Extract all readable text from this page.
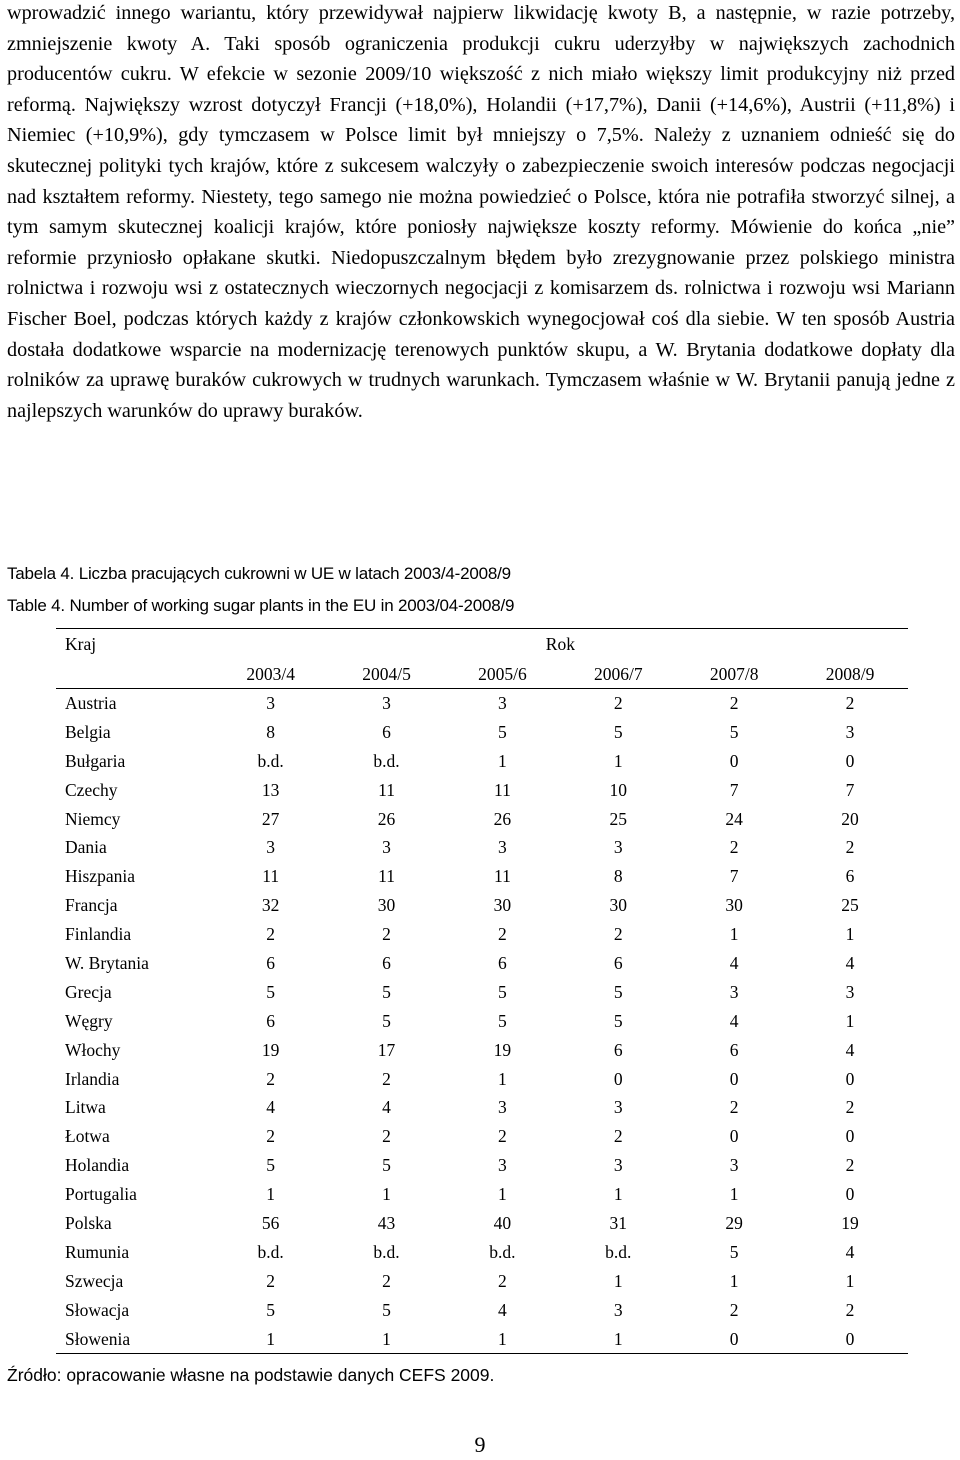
wprowadzić innego wariantu, który przewidywał najpierw likwidację kwoty B, a następnie, w razie potrzeby, zmniejszenie kwoty A. Taki sposób ograniczenia produkcji cukru uderzyłby w największych zachodnich producentów cukru. W efekcie w sezonie 2009/10 większość z nich miało większy limit produkcyjny niż przed reformą. Największy wzrost dotyczył Francji (+18,0%), Holandii (+17,7%), Danii (+14,6%), Austrii (+11,8%) i Niemiec (+10,9%), gdy tymczasem w Polsce limit był mniejszy o 7,5%. Należy z uznaniem odnieść się do skutecznej polityki tych krajów, które z sukcesem walczyły o zabezpieczenie swoich interesów podczas negocjacji nad kształtem reformy. Niestety, tego samego nie można powiedzieć o Polsce, która nie potrafiła stworzyć silnej, a tym samym skutecznej koalicji krajów, które poniosły największe koszty reformy. Mówienie do końca „nie” reformie przyniosło opłakane skutki. Niedopuszczalnym błędem było zrezygnowanie przez polskiego ministra rolnictwa i rozwoju wsi z ostatecznych wieczornych negocjacji z komisarzem ds. rolnictwa i rozwoju wsi Mariann Fischer Boel, podczas których każdy z krajów członkowskich wynegocjował coś dla siebie. W ten sposób Austria dostała dodatkowe wsparcie na modernizację terenowych punktów skupu, a W. Brytania dodatkowe dopłaty dla rolników za uprawę buraków cukrowych w trudnych warunkach. Tymczasem właśnie w W. Brytanii panują jedne z najlepszych warunków do uprawy buraków.

Tabela 4. Liczba pracujących cukrowni w UE w latach 2003/4-2008/9

Table 4. Number of working sugar plants in the EU in 2003/04-2008/9

Kraj	Rok					
	2003/4	2004/5	2005/6	2006/7	2007/8	2008/9
Austria	3	3	3	2	2	2
Belgia	8	6	5	5	5	3
Bułgaria	b.d.	b.d.	1	1	0	0
Czechy	13	11	11	10	7	7
Niemcy	27	26	26	25	24	20
Dania	3	3	3	3	2	2
Hiszpania	11	11	11	8	7	6
Francja	32	30	30	30	30	25
Finlandia	2	2	2	2	1	1
W. Brytania	6	6	6	6	4	4
Grecja	5	5	5	5	3	3
Węgry	6	5	5	5	4	1
Włochy	19	17	19	6	6	4
Irlandia	2	2	1	0	0	0
Litwa	4	4	3	3	2	2
Łotwa	2	2	2	2	0	0
Holandia	5	5	3	3	3	2
Portugalia	1	1	1	1	1	0
Polska	56	43	40	31	29	19
Rumunia	b.d.	b.d.	b.d.	b.d.	5	4
Szwecja	2	2	2	1	1	1
Słowacja	5	5	4	3	2	2
Słowenia	1	1	1	1	0	0

Źródło: opracowanie własne na podstawie danych CEFS 2009.

9
